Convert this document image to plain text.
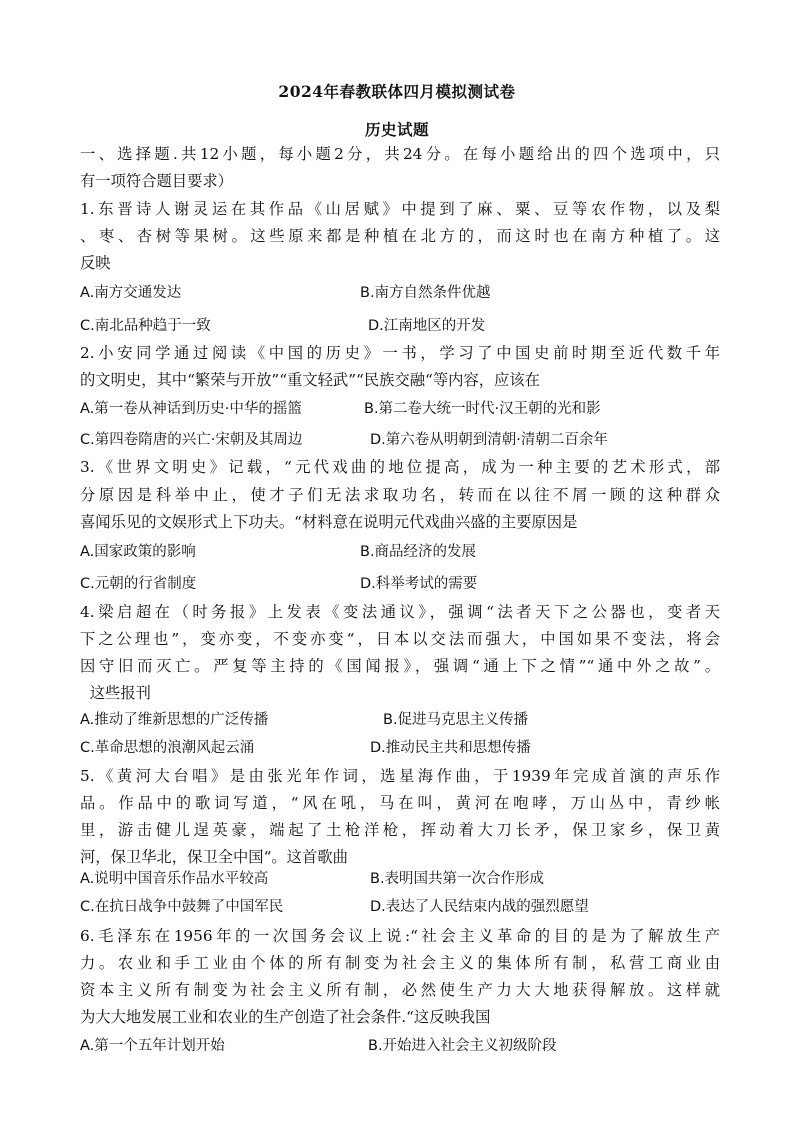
2024年春教联体四月模拟测试卷
历史试题
一、选择题.共12小题，每小题2分，共24分。在每小题给出的四个选项中，只
有一项符合题目要求）
1.东晋诗人谢灵运在其作品《山居赋》中提到了麻、粟、豆等农作物，以及梨
、枣、杏树等果树。这些原来都是种植在北方的，而这时也在南方种植了。这
反映
A.南方交通发达	B.南方自然条件优越
C.南北品种趋于一致	D.江南地区的开发
2.小安同学通过阅读《中国的历史》一书，学习了中国史前时期至近代数千年
的文明史，其中“繁荣与开放”“重文轻武”“民族交融“等内容，应该在
A.第一卷从神话到历史·中华的摇篮	B.第二卷大统一时代·汉王朝的光和影
C.第四卷隋唐的兴亡·宋朝及其周边	D.第六卷从明朝到清朝·清朝二百余年
3.《世界文明史》记载，“元代戏曲的地位提高，成为一种主要的艺术形式，部
分原因是科举中止，使才子们无法求取功名，转而在以往不屑一顾的这种群众
喜闻乐见的文娱形式上下功夫。“材料意在说明元代戏曲兴盛的主要原因是
A.国家政策的影响	B.商品经济的发展
C.元朝的行省制度	D.科举考试的需要
4.梁启超在（时务报》上发表《变法通议》，强调“法者天下之公器也，变者天
下之公理也”，变亦变，不变亦变“，日本以交法而强大，中国如果不变法，将会
因守旧而灭亡。严复等主持的《国闻报》，强调“通上下之情”“通中外之故”。
这些报刊
A.推动了维新思想的广泛传播	B.促进马克思主义传播
C.革命思想的浪潮风起云涌	D.推动民主共和思想传播
5.《黄河大台唱》是由张光年作词，选星海作曲，于1939年完成首演的声乐作
品。作品中的歌词写道，“风在吼，马在叫，黄河在咆哮，万山丛中，青纱帐
里，游击健儿逞英豪，端起了土枪洋枪，挥动着大刀长矛，保卫家乡，保卫黄
河，保卫华北，保卫全中国“。这首歌曲
A.说明中国音乐作品水平较高	B.表明国共第一次合作形成
C.在抗日战争中鼓舞了中国军民	D.表达了人民结束内战的强烈愿望
6.毛泽东在1956年的一次国务会议上说:“社会主义革命的目的是为了解放生产
力。农业和手工业由个体的所有制变为社会主义的集体所有制，私营工商业由
资本主义所有制变为社会主义所有制，必然使生产力大大地获得解放。这样就
为大大地发展工业和农业的生产创造了社会条件.“这反映我国
A.第一个五年计划开始	B.开始进入社会主义初级阶段
